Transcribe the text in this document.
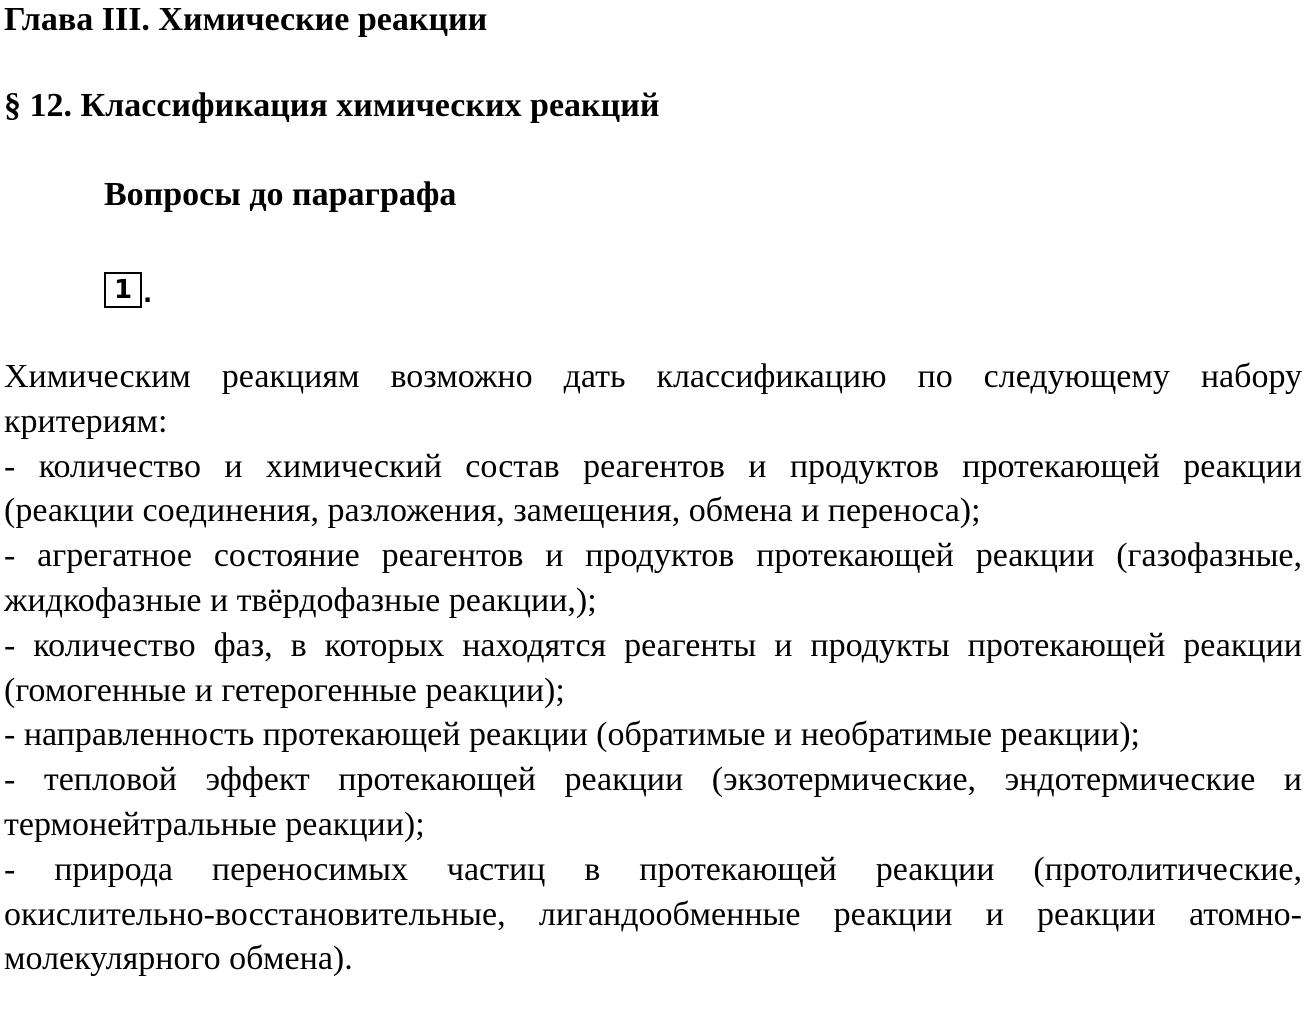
Глава III. Химические реакции
§ 12. Классификация химических реакций
Вопросы до параграфа
1 .

Химическим реакциям возможно дать классификацию по следующему набору критериям:

- количество и химический состав реагентов и продуктов протекающей реакции (реакции соединения, разложения, замещения, обмена и переноса);

- агрегатное состояние реагентов и продуктов протекающей реакции (газофазные, жидкофазные и твёрдофазные реакции,);

- количество фаз, в которых находятся реагенты и продукты протекающей реакции (гомогенные и гетерогенные реакции);

- направленность протекающей реакции (обратимые и необратимые реакции);

- тепловой эффект протекающей реакции (экзотермические, эндотермические и термонейтральные реакции);

- природа переносимых частиц в протекающей реакции (протолитические, окислительно-восстановительные, лигандообменные реакции и реакции атомно-молекулярного обмена).
